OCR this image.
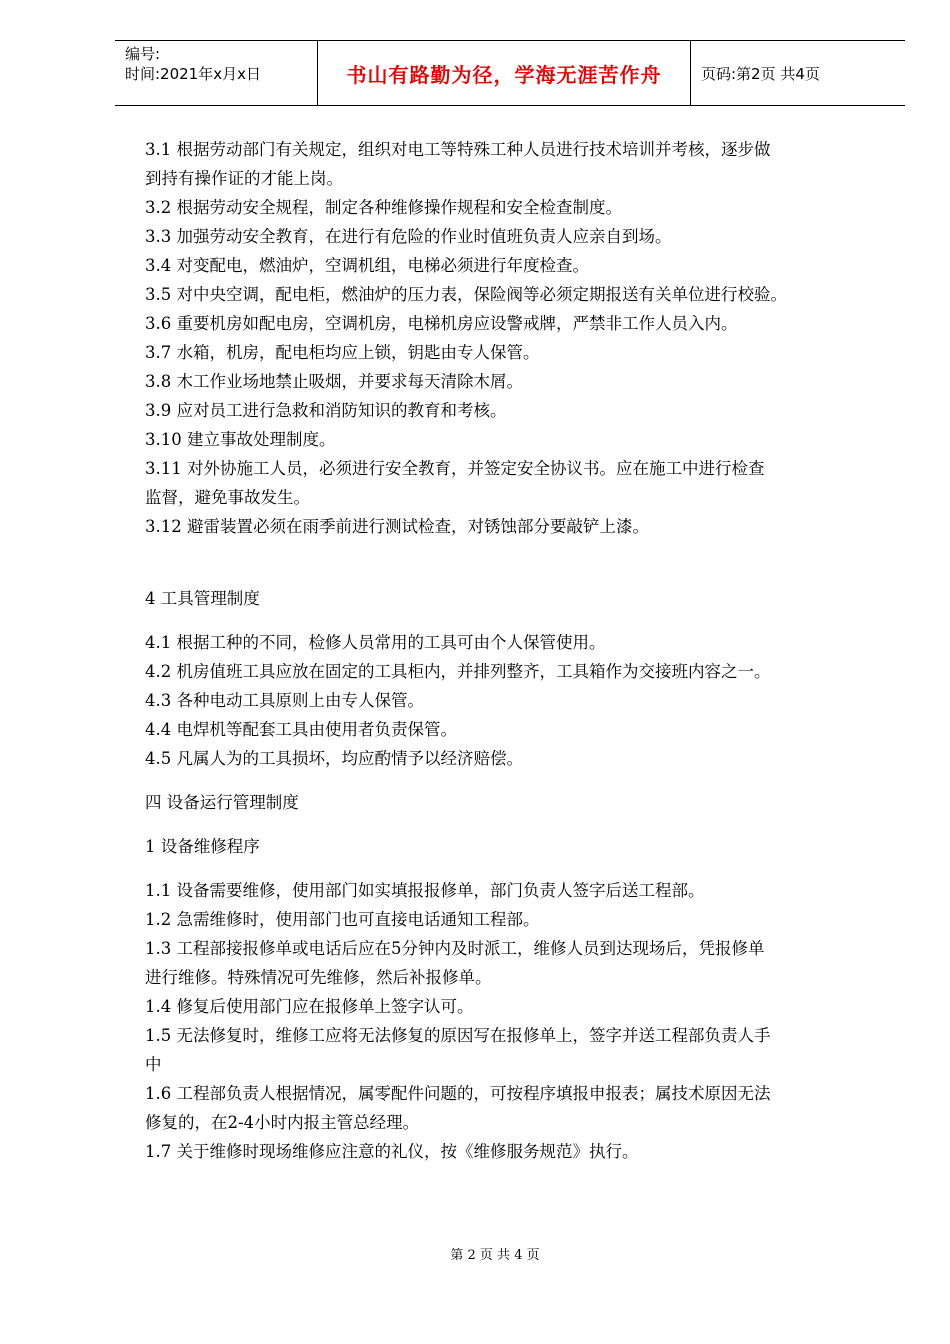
编号:
时间:2021年x月x日	书山有路勤为径，学海无涯苦作舟	页码:第2页 共4页
3.1 根据劳动部门有关规定，组织对电工等特殊工种人员进行技术培训并考核，逐步做
到持有操作证的才能上岗。
3.2 根据劳动安全规程，制定各种维修操作规程和安全检查制度。
3.3 加强劳动安全教育，在进行有危险的作业时值班负责人应亲自到场。
3.4 对变配电，燃油炉，空调机组，电梯必须进行年度检查。
3.5 对中央空调，配电柜，燃油炉的压力表，保险阀等必须定期报送有关单位进行校验。
3.6 重要机房如配电房，空调机房，电梯机房应设警戒牌，严禁非工作人员入内。
3.7 水箱，机房，配电柜均应上锁，钥匙由专人保管。
3.8 木工作业场地禁止吸烟，并要求每天清除木屑。
3.9 应对员工进行急救和消防知识的教育和考核。
3.10 建立事故处理制度。
3.11 对外协施工人员，必须进行安全教育，并签定安全协议书。应在施工中进行检查
监督，避免事故发生。
3.12 避雷装置必须在雨季前进行测试检查，对锈蚀部分要敲铲上漆。
4 工具管理制度
4.1 根据工种的不同，检修人员常用的工具可由个人保管使用。
4.2 机房值班工具应放在固定的工具柜内，并排列整齐，工具箱作为交接班内容之一。
4.3 各种电动工具原则上由专人保管。
4.4 电焊机等配套工具由使用者负责保管。
4.5 凡属人为的工具损坏，均应酌情予以经济赔偿。
四 设备运行管理制度
1 设备维修程序
1.1 设备需要维修，使用部门如实填报报修单，部门负责人签字后送工程部。
1.2 急需维修时，使用部门也可直接电话通知工程部。
1.3 工程部接报修单或电话后应在5分钟内及时派工，维修人员到达现场后，凭报修单
进行维修。特殊情况可先维修，然后补报修单。
1.4 修复后使用部门应在报修单上签字认可。
1.5 无法修复时，维修工应将无法修复的原因写在报修单上，签字并送工程部负责人手
中
1.6 工程部负责人根据情况，属零配件问题的，可按程序填报申报表；属技术原因无法
修复的，在2-4小时内报主管总经理。
1.7 关于维修时现场维修应注意的礼仪，按《维修服务规范》执行。
第 2 页 共 4 页
